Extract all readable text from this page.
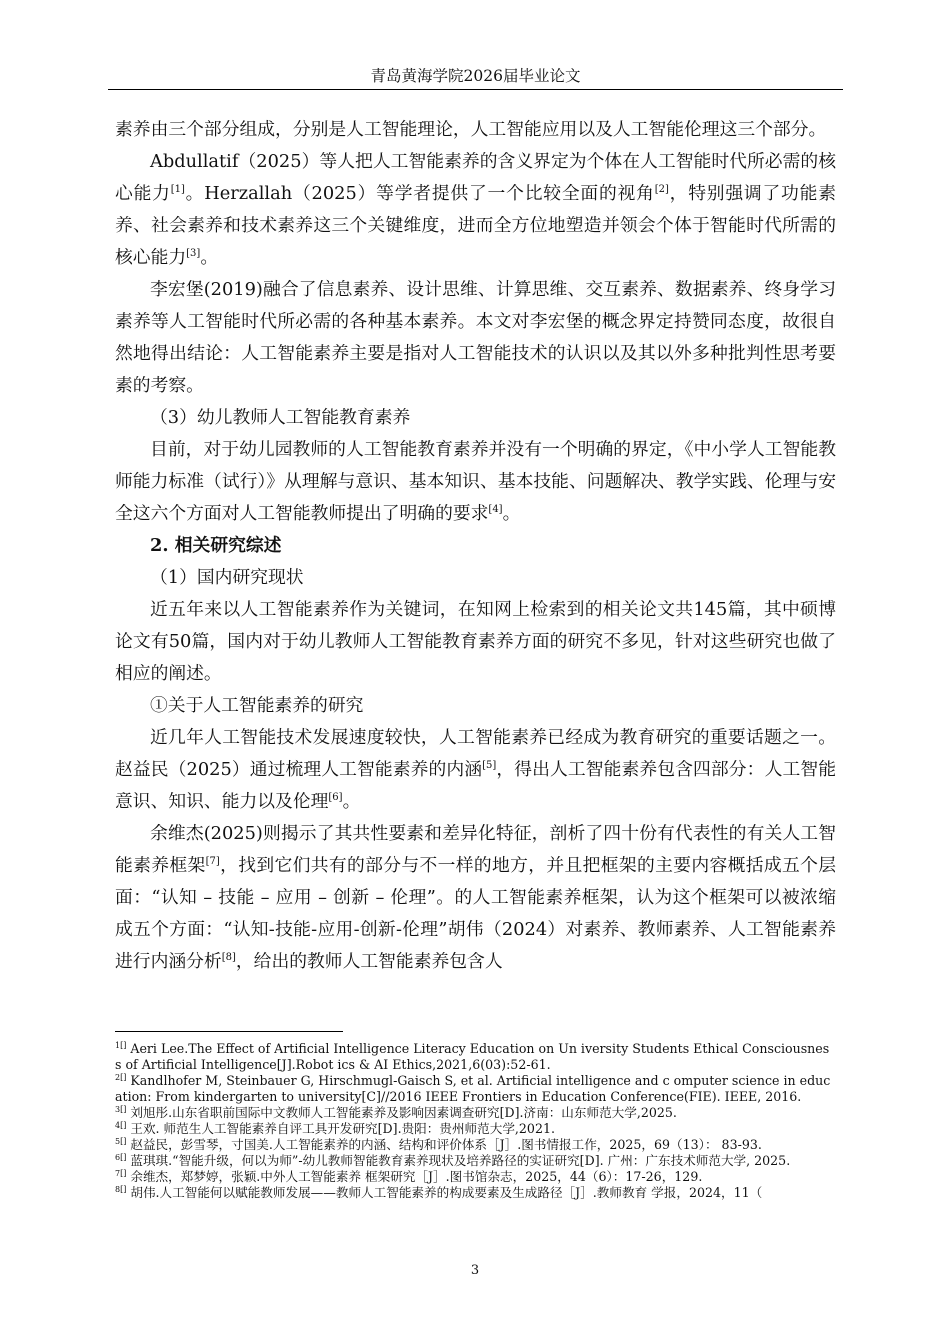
青岛黄海学院2026届毕业论文

素养由三个部分组成，分别是人工智能理论，人工智能应用以及人工智能伦理这三个部分。

Abdullatif（2025）等人把人工智能素养的含义界定为个体在人工智能时代所必需的核心能力[1]。Herzallah（2025）等学者提供了一个比较全面的视角[2]，特别强调了功能素养、社会素养和技术素养这三个关键维度，进而全方位地塑造并领会个体于智能时代所需的核心能力[3]。

李宏堡(2019)融合了信息素养、设计思维、计算思维、交互素养、数据素养、终身学习素养等人工智能时代所必需的各种基本素养。本文对李宏堡的概念界定持赞同态度，故很自然地得出结论：人工智能素养主要是指对人工智能技术的认识以及其以外多种批判性思考要素的考察。

（3）幼儿教师人工智能教育素养

目前，对于幼儿园教师的人工智能教育素养并没有一个明确的界定，《中小学人工智能教师能力标准（试行）》从理解与意识、基本知识、基本技能、问题解决、教学实践、伦理与安全这六个方面对人工智能教师提出了明确的要求[4]。

2. 相关研究综述

（1）国内研究现状

近五年来以人工智能素养作为关键词，在知网上检索到的相关论文共145篇，其中硕博论文有50篇，国内对于幼儿教师人工智能教育素养方面的研究不多见，针对这些研究也做了相应的阐述。

①关于人工智能素养的研究

近几年人工智能技术发展速度较快，人工智能素养已经成为教育研究的重要话题之一。赵益民（2025）通过梳理人工智能素养的内涵[5]，得出人工智能素养包含四部分：人工智能意识、知识、能力以及伦理[6]。

余维杰(2025)则揭示了其共性要素和差异化特征，剖析了四十份有代表性的有关人工智能素养框架[7]，找到它们共有的部分与不一样的地方，并且把框架的主要内容概括成五个层面：“认知 – 技能 – 应用 – 创新 – 伦理”。的人工智能素养框架，认为这个框架可以被浓缩成五个方面：“认知-技能-应用-创新-伦理”胡伟（2024）对素养、教师素养、人工智能素养进行内涵分析[8]，给出的教师人工智能素养包含人

$^{1[]}$ Aeri Lee.The Effect of Artificial Intelligence Literacy Education on Un iversity Students Ethical Consciousness of Artificial Intelligence[J].Robot ics & AI Ethics,2021,6(03):52-61.

$^{2[]}$ Kandlhofer M, Steinbauer G, Hirschmugl-Gaisch S, et al. Artificial intelligence and c omputer science in education: From kindergarten to university[C]//2016 IEEE Frontiers in Education Conference(FIE). IEEE, 2016.

$^{3[]}$ 刘旭彤.山东省职前国际中文教师人工智能素养及影响因素调查研究[D].济南：山东师范大学,2025.

$^{4[]}$ 王欢. 师范生人工智能素养自评工具开发研究[D].贵阳：贵州师范大学,2021.

$^{5[]}$ 赵益民，彭雪琴，寸国美.人工智能素养的内涵、结构和评价体系［J］.图书情报工作，2025，69（13）： 83-93.

$^{6[]}$ 蓝琪琪.“智能升级，何以为师”-幼儿教师智能教育素养现状及培养路径的实证研究[D]. 广州：广东技术师范大学, 2025.

$^{7[]}$ 余维杰，郑梦婷，张颖.中外人工智能素养 框架研究［J］.图书馆杂志，2025，44（6）：17-26，129.

$^{8[]}$ 胡伟.人工智能何以赋能教师发展——教师人工智能素养的构成要素及生成路径［J］.教师教育 学报，2024，11（

3
